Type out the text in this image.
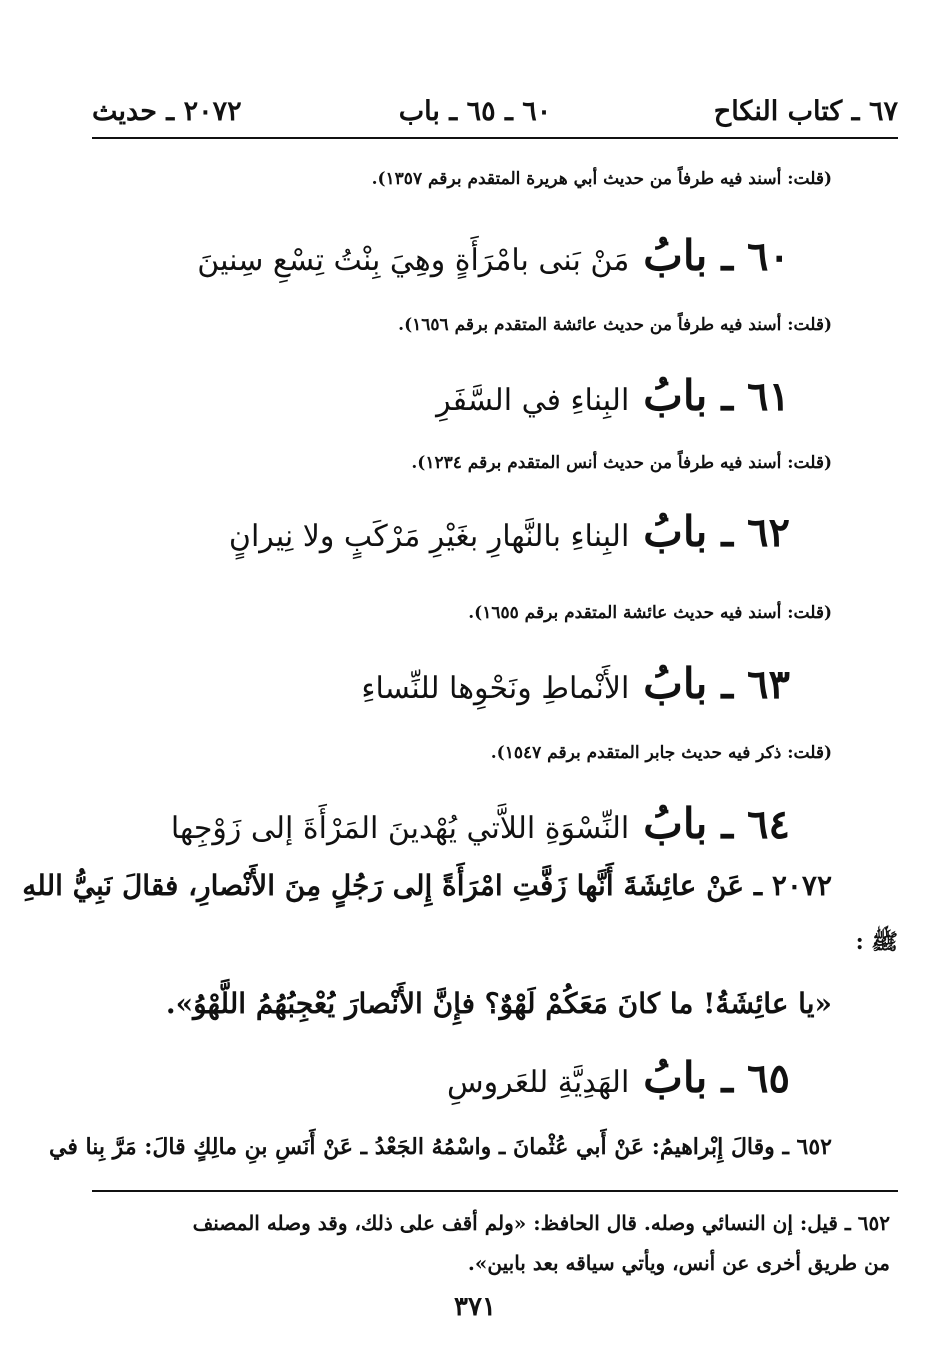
٦٧ ـ كتاب النكاح
٦٠ ـ ٦٥ ـ باب
٢٠٧٢ ـ حديث
(قلت: أسند فيه طرفاً من حديث أبي هريرة المتقدم برقم ١٣٥٧).
٦٠
ـ
بابُ
مَنْ بَنى بامْرَأَةٍ وهِيَ بِنْتُ تِسْعِ سِنينَ
(قلت: أسند فيه طرفاً من حديث عائشة المتقدم برقم ١٦٥٦).
٦١
ـ
بابُ
البِناءِ في السَّفَرِ
(قلت: أسند فيه طرفاً من حديث أنس المتقدم برقم ١٢٣٤).
٦٢
ـ
بابُ
البِناءِ بالنَّهارِ بغَيْرِ مَرْكَبٍ ولا نِيرانٍ
(قلت: أسند فيه حديث عائشة المتقدم برقم ١٦٥٥).
٦٣
ـ
بابُ
الأَنْماطِ ونَحْوِها للنِّساءِ
(قلت: ذكر فيه حديث جابر المتقدم برقم ١٥٤٧).
٦٤
ـ
بابُ
النِّسْوَةِ اللاَّتي يُهْدينَ المَرْأَةَ إلى زَوْجِها
٢٠٧٢ ـ عَنْ عائِشَةَ أَنَّها زَفَّتِ امْرَأَةً إِلى رَجُلٍ مِنَ الأَنْصارِ، فقالَ نَبِيُّ اللهِ
ﷺ :
«يا عائِشَةُ! ما كانَ مَعَكُمْ لَهْوٌ؟ فإِنَّ الأَنْصارَ يُعْجِبُهُمُ اللَّهْوُ».
٦٥
ـ
بابُ
الهَدِيَّةِ للعَروسِ
٦٥٢ ـ وقالَ إِبْراهيمُ: عَنْ أَبي عُثْمانَ ـ واسْمُهُ الجَعْدُ ـ عَنْ أَنَسِ بنِ مالِكٍ قالَ: مَرَّ بِنا في
٦٥٢ ـ قيل: إن النسائي وصله. قال الحافظ: «ولم أقف على ذلك، وقد وصله المصنف
من طريق أخرى عن أنس، ويأتي سياقه بعد بابين».
٣٧١
